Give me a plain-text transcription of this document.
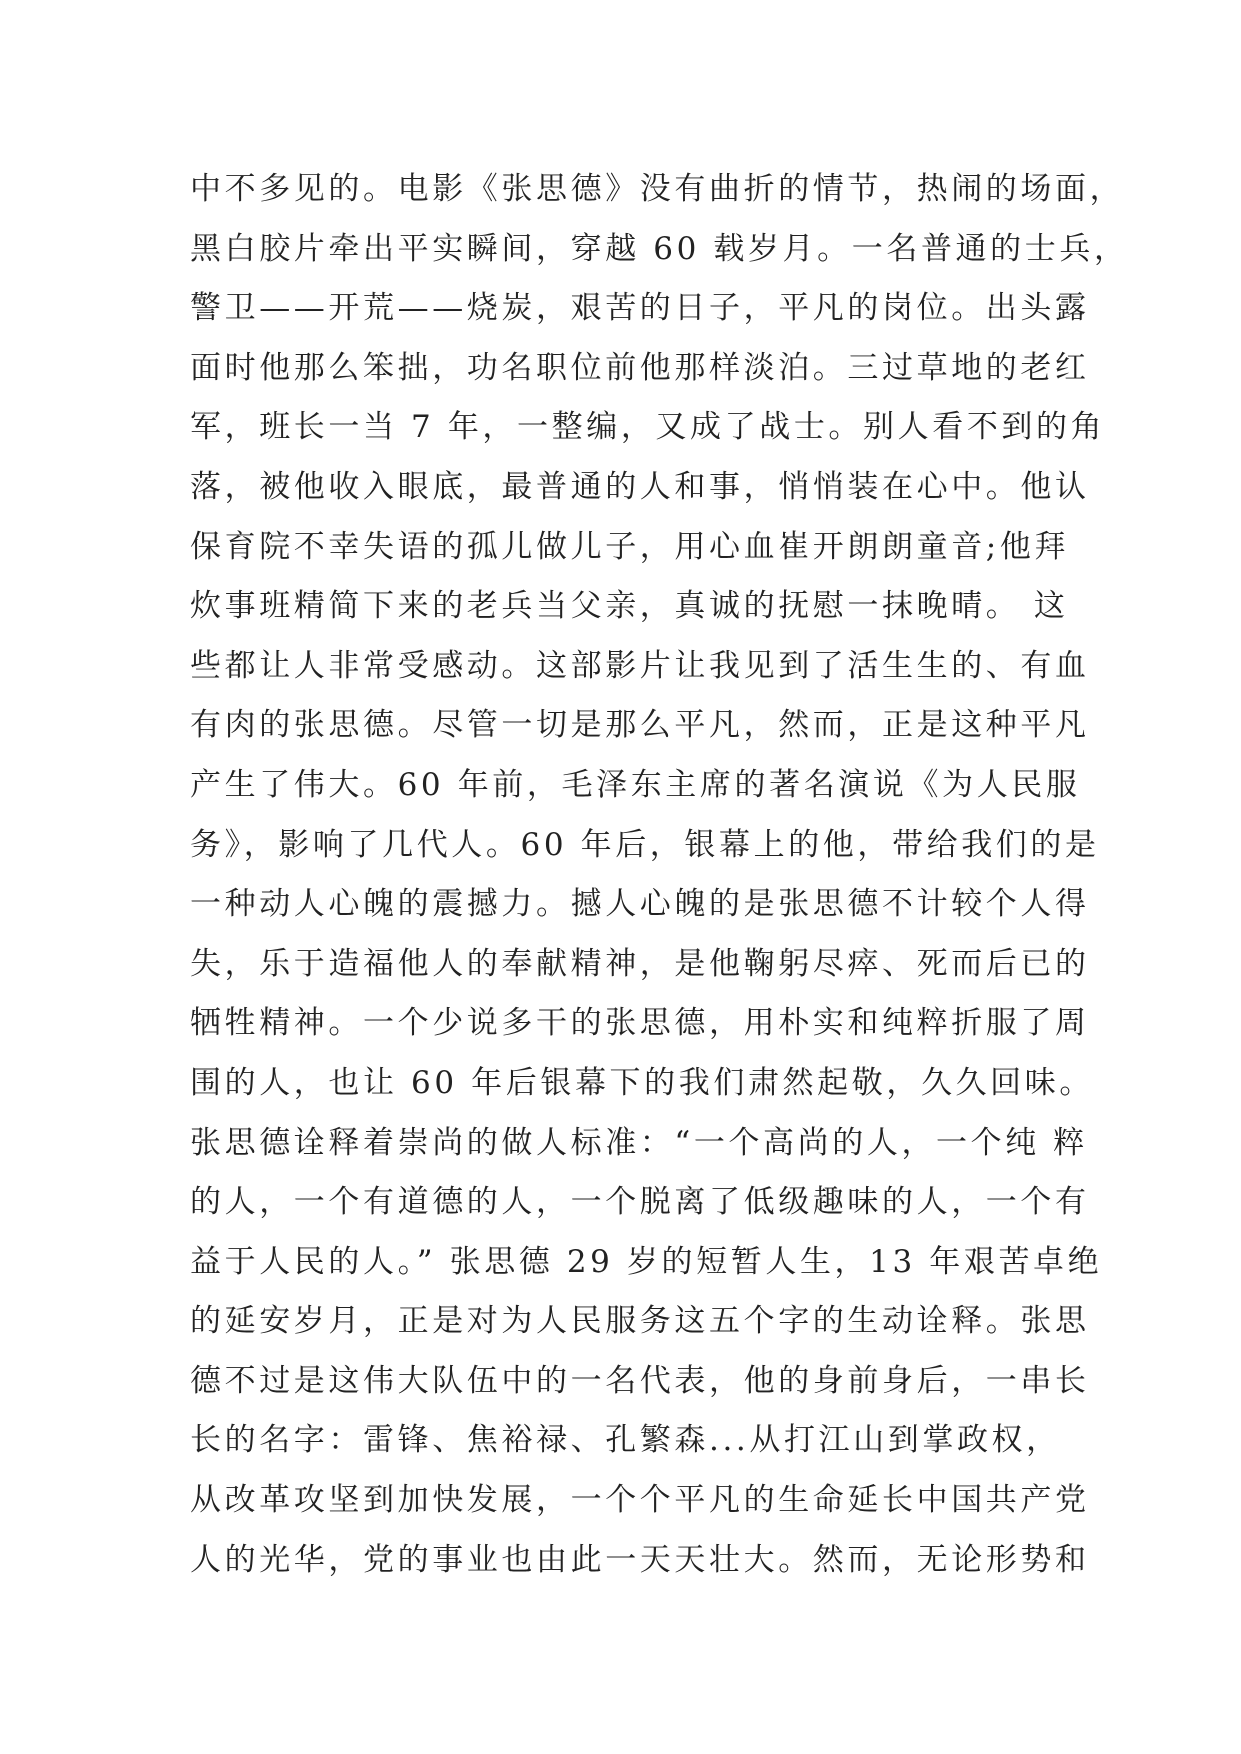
中不多见的。电影《张思德》没有曲折的情节，热闹的场面，
黑白胶片牵出平实瞬间，穿越 60 载岁月。一名普通的士兵，
警卫——开荒——烧炭，艰苦的日子，平凡的岗位。出头露
面时他那么笨拙，功名职位前他那样淡泊。三过草地的老红
军，班长一当 7 年，一整编，又成了战士。别人看不到的角
落，被他收入眼底，最普通的人和事，悄悄装在心中。他认
保育院不幸失语的孤儿做儿子，用心血崔开朗朗童音;他拜
炊事班精简下来的老兵当父亲，真诚的抚慰一抹晚晴。 这
些都让人非常受感动。这部影片让我见到了活生生的、有血
有肉的张思德。尽管一切是那么平凡，然而，正是这种平凡
产生了伟大。60 年前，毛泽东主席的著名演说《为人民服
务》，影响了几代人。60 年后，银幕上的他，带给我们的是
一种动人心魄的震撼力。撼人心魄的是张思德不计较个人得
失，乐于造福他人的奉献精神，是他鞠躬尽瘁、死而后已的
牺牲精神。一个少说多干的张思德，用朴实和纯粹折服了周
围的人，也让 60 年后银幕下的我们肃然起敬，久久回味。
张思德诠释着崇尚的做人标准：“一个高尚的人，一个纯 粹
的人，一个有道德的人，一个脱离了低级趣味的人，一个有
益于人民的人。” 张思德 29 岁的短暂人生，13 年艰苦卓绝
的延安岁月，正是对为人民服务这五个字的生动诠释。张思
德不过是这伟大队伍中的一名代表，他的身前身后，一串长
长的名字：雷锋、焦裕禄、孔繁森...从打江山到掌政权，
从改革攻坚到加快发展，一个个平凡的生命延长中国共产党
人的光华，党的事业也由此一天天壮大。然而，无论形势和
